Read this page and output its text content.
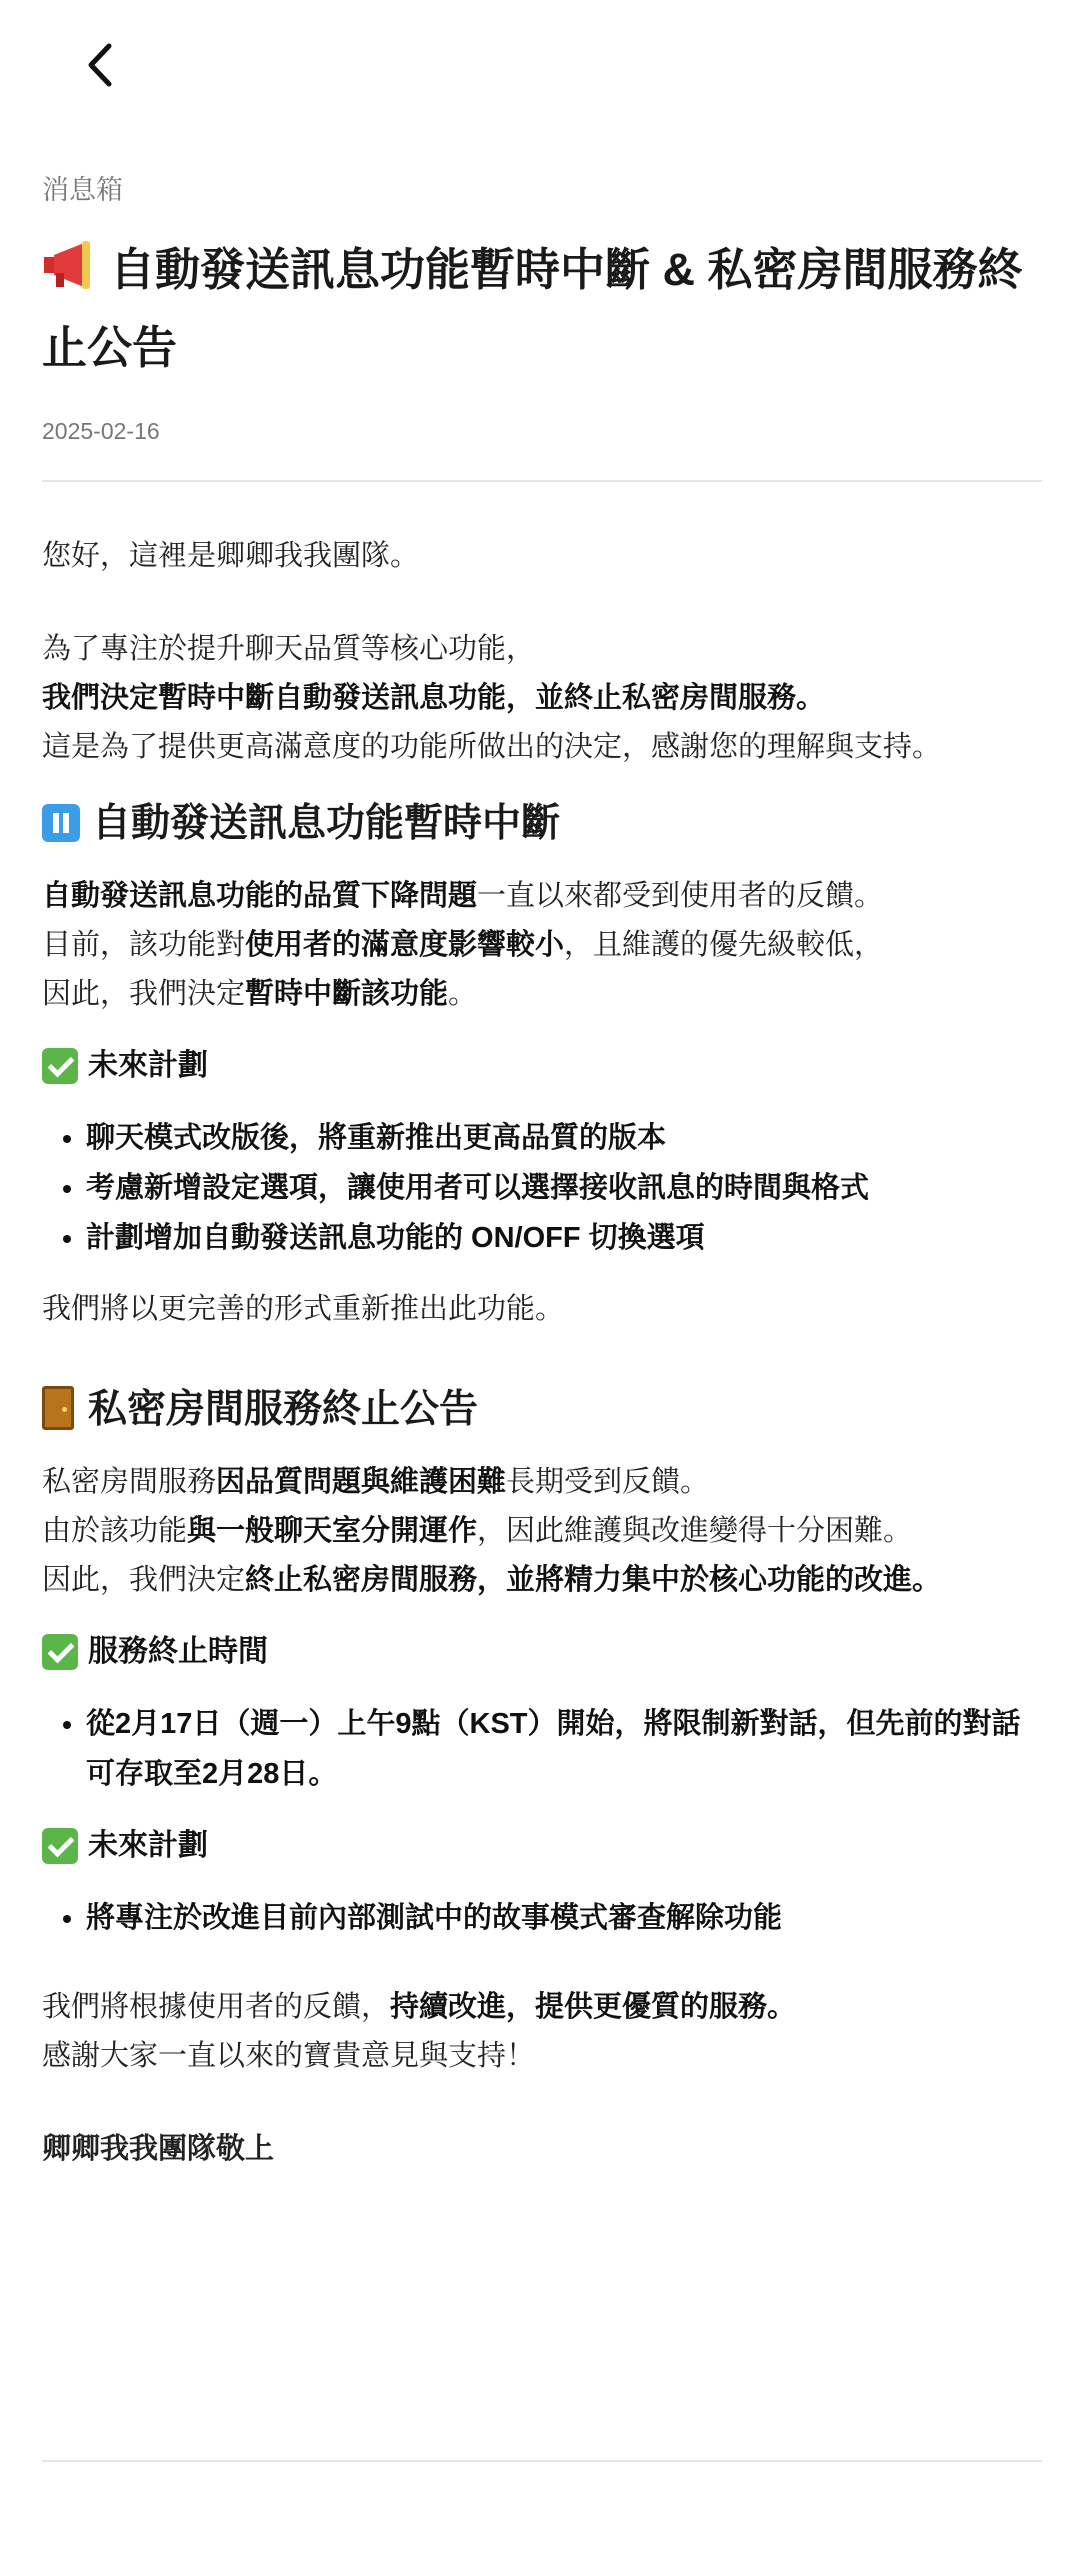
消息箱

自動發送訊息功能暫時中斷 & 私密房間服務終止公告
2025-02-16

您好，這裡是卿卿我我團隊。

為了專注於提升聊天品質等核心功能，

我們決定暫時中斷自動發送訊息功能，並終止私密房間服務。

這是為了提供更高滿意度的功能所做出的決定，感謝您的理解與支持。

自動發送訊息功能暫時中斷

自動發送訊息功能的品質下降問題一直以來都受到使用者的反饋。

目前，該功能對使用者的滿意度影響較小，且維護的優先級較低，

因此，我們決定暫時中斷該功能。

未來計劃
• 聊天模式改版後，將重新推出更高品質的版本
• 考慮新增設定選項，讓使用者可以選擇接收訊息的時間與格式
• 計劃增加自動發送訊息功能的 ON/OFF 切換選項

我們將以更完善的形式重新推出此功能。

私密房間服務終止公告

私密房間服務因品質問題與維護困難長期受到反饋。

由於該功能與一般聊天室分開運作，因此維護與改進變得十分困難。

因此，我們決定終止私密房間服務，並將精力集中於核心功能的改進。

服務終止時間
• 從2月17日（週一）上午9點（KST）開始，將限制新對話，但先前的對話可存取至2月28日。
未來計劃
• 將專注於改進目前內部測試中的故事模式審查解除功能

我們將根據使用者的反饋，持續改進，提供更優質的服務。

感謝大家一直以來的寶貴意見與支持！

卿卿我我團隊敬上
